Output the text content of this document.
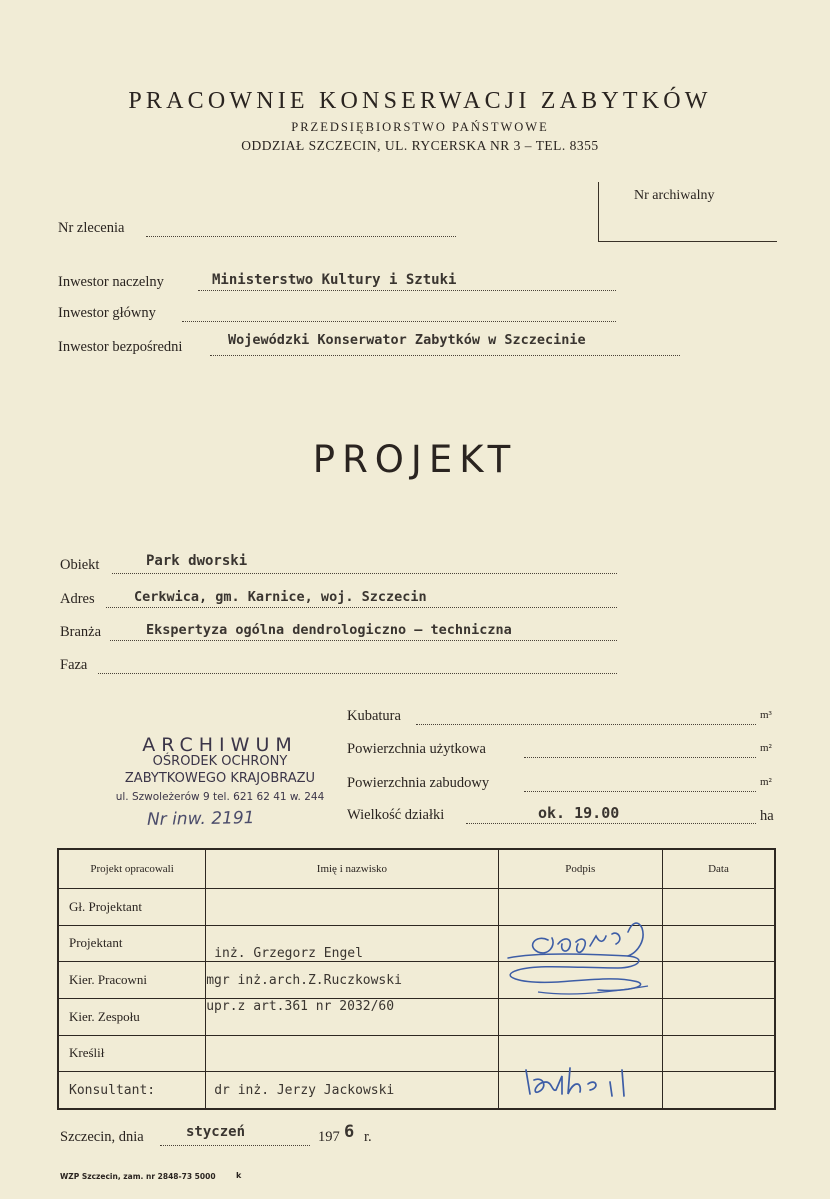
PRACOWNIE KONSERWACJI ZABYTKÓW
PRZEDSIĘBIORSTWO PAŃSTWOWE
ODDZIAŁ SZCZECIN, UL. RYCERSKA NR 3 – TEL. 8355
Nr archiwalny
Nr zlecenia
Inwestor naczelny	Ministerstwo Kultury i Sztuki
Inwestor główny
Inwestor bezpośredni	Wojewódzki Konserwator Zabytków w Szczecinie
PROJEKT
Obiekt	Park dworski
Adres	Cerkwica, gm. Karnice, woj. Szczecin
Branża	Ekspertyza ogólna dendrologiczno – techniczna
Faza
Kubatura	m³
Powierzchnia użytkowa	m²
Powierzchnia zabudowy	m²
Wielkość działki	ok. 19.00	ha
ARCHIWUM
OŚRODEK OCHRONY
ZABYTKOWEGO KRAJOBRAZU
ul. Szwoleżerów 9 tel. 621 62 41 w. 244
Nr inw. 2191
Projekt opracowali	Imię i nazwisko	Podpis	Data
Gł. Projektant			
Projektant	inż. Grzegorz Engel		
Kier. Pracowni	mgr inż.arch.Z.Ruczkowski		
Kier. Zespołu	upr.z art.361 nr 2032/60		
Kreślił			
Konsultant:	dr inż. Jerzy Jackowski		
Szczecin, dnia	styczeń	197 6 r.
WZP Szczecin, zam. nr 2848-73 5000	k
